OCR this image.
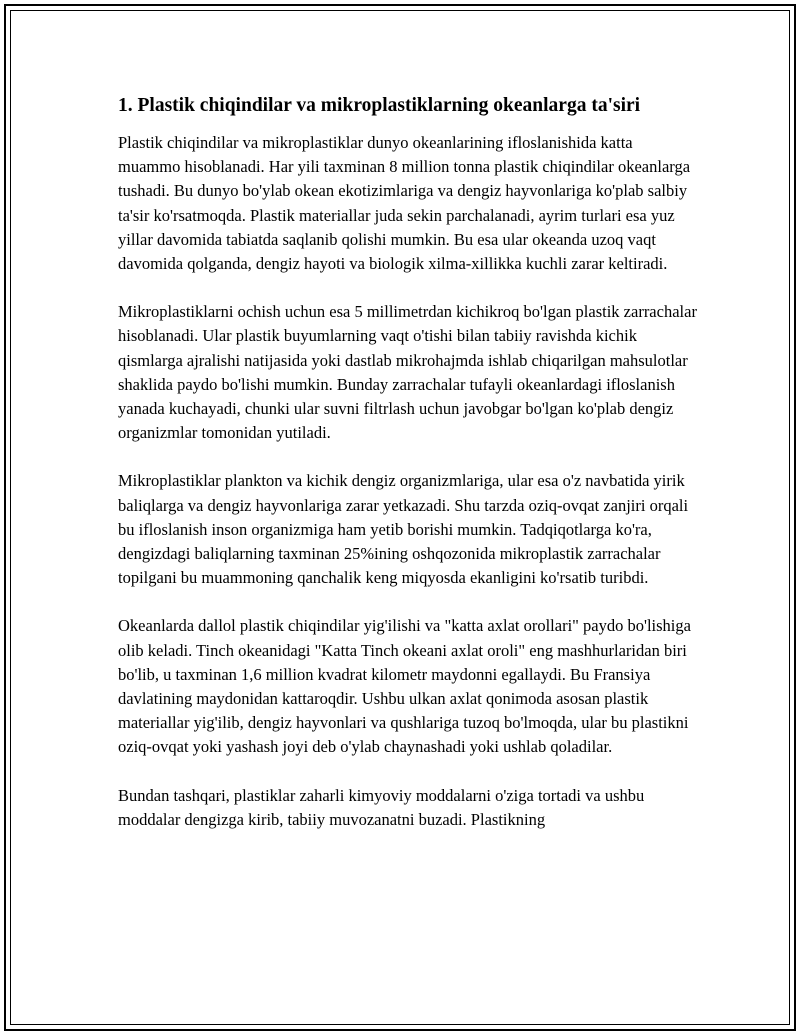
1. Plastik chiqindilar va mikroplastiklarning okeanlarga ta'siri

Plastik chiqindilar va mikroplastiklar dunyo okeanlarining ifloslanishida katta muammo hisoblanadi. Har yili taxminan 8 million tonna plastik chiqindilar okeanlarga tushadi. Bu dunyo bo'ylab okean ekotizimlariga va dengiz hayvonlariga ko'plab salbiy ta'sir ko'rsatmoqda. Plastik materiallar juda sekin parchalanadi, ayrim turlari esa yuz yillar davomida tabiatda saqlanib qolishi mumkin. Bu esa ular okeanda uzoq vaqt davomida qolganda, dengiz hayoti va biologik xilma-xillikka kuchli zarar keltiradi.

Mikroplastiklarni ochish uchun esa 5 millimetrdan kichikroq bo'lgan plastik zarrachalar hisoblanadi. Ular plastik buyumlarning vaqt o'tishi bilan tabiiy ravishda kichik qismlarga ajralishi natijasida yoki dastlab mikrohajmda ishlab chiqarilgan mahsulotlar shaklida paydo bo'lishi mumkin. Bunday zarrachalar tufayli okeanlardagi ifloslanish yanada kuchayadi, chunki ular suvni filtrlash uchun javobgar bo'lgan ko'plab dengiz organizmlar tomonidan yutiladi.

Mikroplastiklar plankton va kichik dengiz organizmlariga, ular esa o'z navbatida yirik baliqlarga va dengiz hayvonlariga zarar yetkazadi. Shu tarzda oziq-ovqat zanjiri orqali bu ifloslanish inson organizmiga ham yetib borishi mumkin. Tadqiqotlarga ko'ra, dengizdagi baliqlarning taxminan 25%ining oshqozonida mikroplastik zarrachalar topilgani bu muammoning qanchalik keng miqyosda ekanligini ko'rsatib turibdi.

Okeanlarda dallol plastik chiqindilar yig'ilishi va "katta axlat orollari" paydo bo'lishiga olib keladi. Tinch okeanidagi "Katta Tinch okeani axlat oroli" eng mashhurlaridan biri bo'lib, u taxminan 1,6 million kvadrat kilometr maydonni egallaydi. Bu Fransiya davlatining maydonidan kattaroqdir. Ushbu ulkan axlat qonimoda asosan plastik materiallar yig'ilib, dengiz hayvonlari va qushlariga tuzoq bo'lmoqda, ular bu plastikni oziq-ovqat yoki yashash joyi deb o'ylab chaynashadi yoki ushlab qoladilar.

Bundan tashqari, plastiklar zaharli kimyoviy moddalarni o'ziga tortadi va ushbu moddalar dengizga kirib, tabiiy muvozanatni buzadi. Plastikning
